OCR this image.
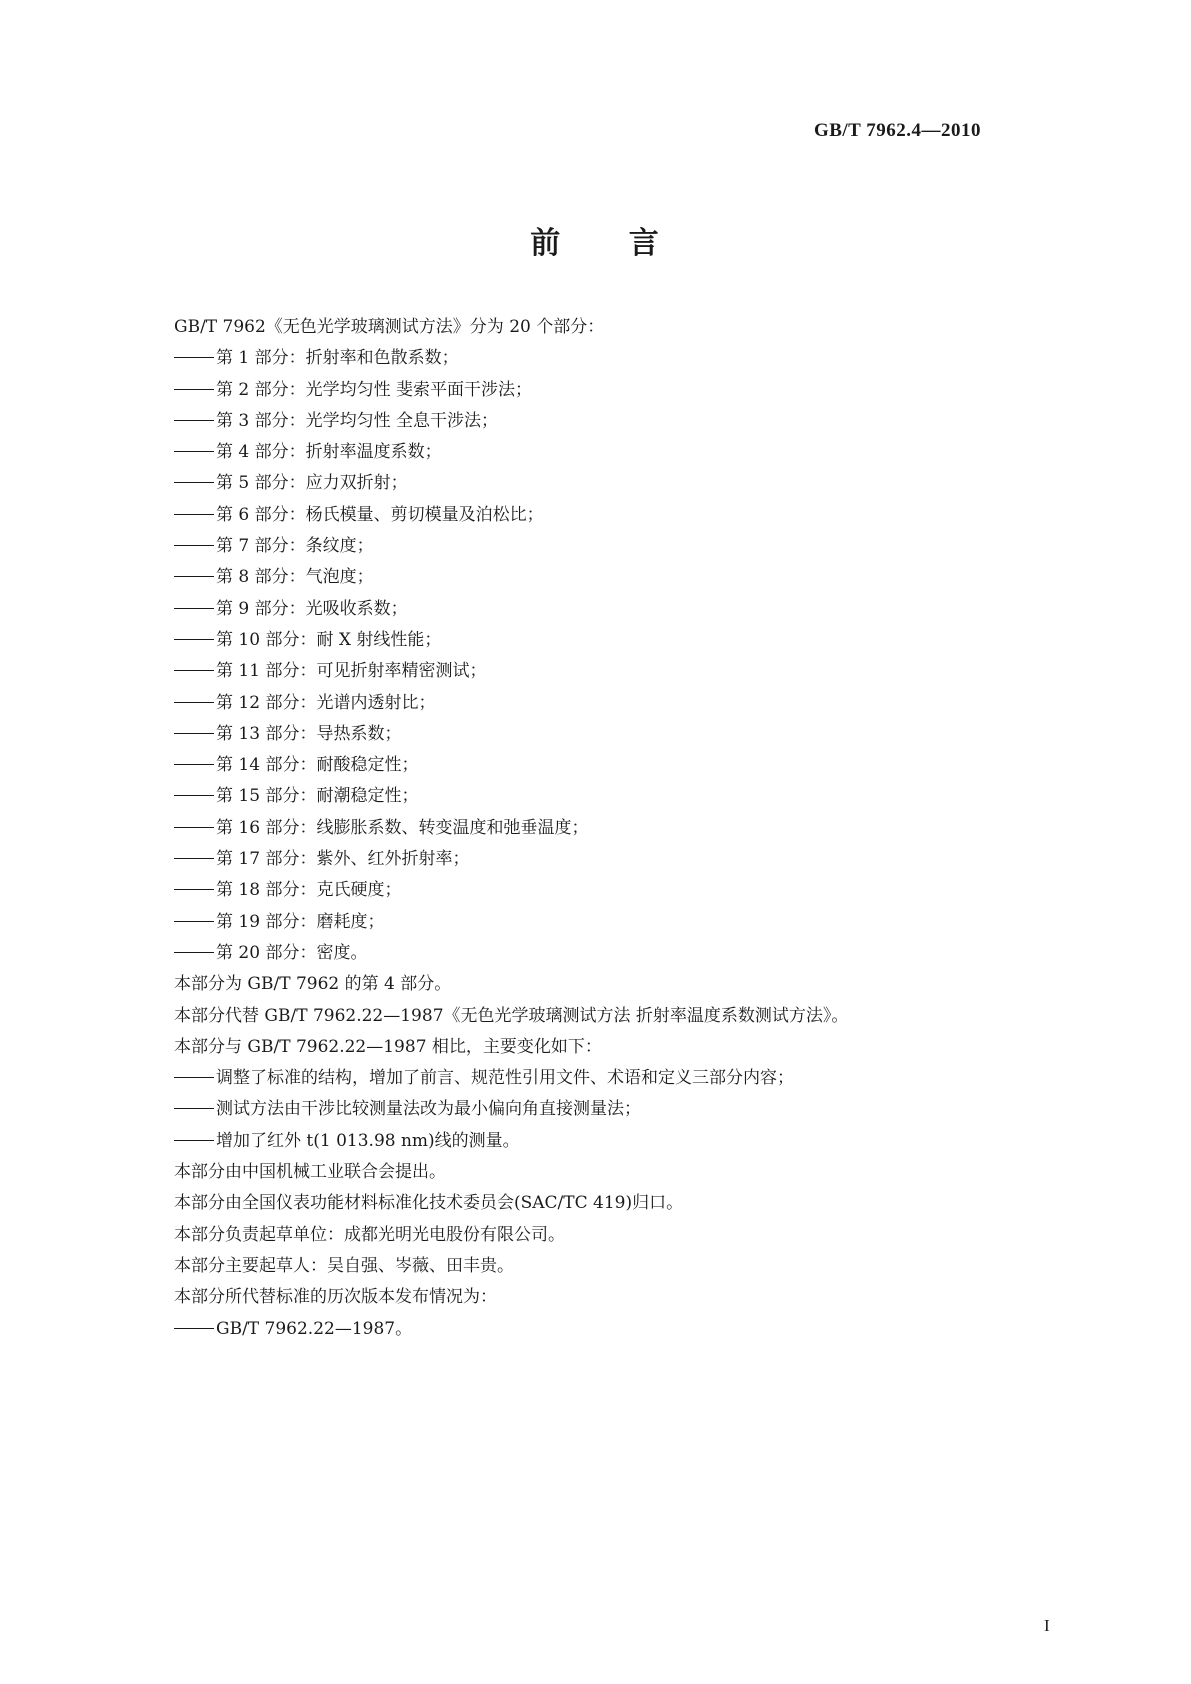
GB/T 7962.4—2010
前 言
GB/T 7962《无色光学玻璃测试方法》分为 20 个部分：
第 1 部分：折射率和色散系数；
第 2 部分：光学均匀性 斐索平面干涉法；
第 3 部分：光学均匀性 全息干涉法；
第 4 部分：折射率温度系数；
第 5 部分：应力双折射；
第 6 部分：杨氏模量、剪切模量及泊松比；
第 7 部分：条纹度；
第 8 部分：气泡度；
第 9 部分：光吸收系数；
第 10 部分：耐 X 射线性能；
第 11 部分：可见折射率精密测试；
第 12 部分：光谱内透射比；
第 13 部分：导热系数；
第 14 部分：耐酸稳定性；
第 15 部分：耐潮稳定性；
第 16 部分：线膨胀系数、转变温度和弛垂温度；
第 17 部分：紫外、红外折射率；
第 18 部分：克氏硬度；
第 19 部分：磨耗度；
第 20 部分：密度。
本部分为 GB/T 7962 的第 4 部分。
本部分代替 GB/T 7962.22—1987《无色光学玻璃测试方法 折射率温度系数测试方法》。
本部分与 GB/T 7962.22—1987 相比，主要变化如下：
调整了标准的结构，增加了前言、规范性引用文件、术语和定义三部分内容；
测试方法由干涉比较测量法改为最小偏向角直接测量法；
增加了红外 t(1 013.98 nm)线的测量。
本部分由中国机械工业联合会提出。
本部分由全国仪表功能材料标准化技术委员会(SAC/TC 419)归口。
本部分负责起草单位：成都光明光电股份有限公司。
本部分主要起草人：吴自强、岑薇、田丰贵。
本部分所代替标准的历次版本发布情况为：
GB/T 7962.22—1987。
I
